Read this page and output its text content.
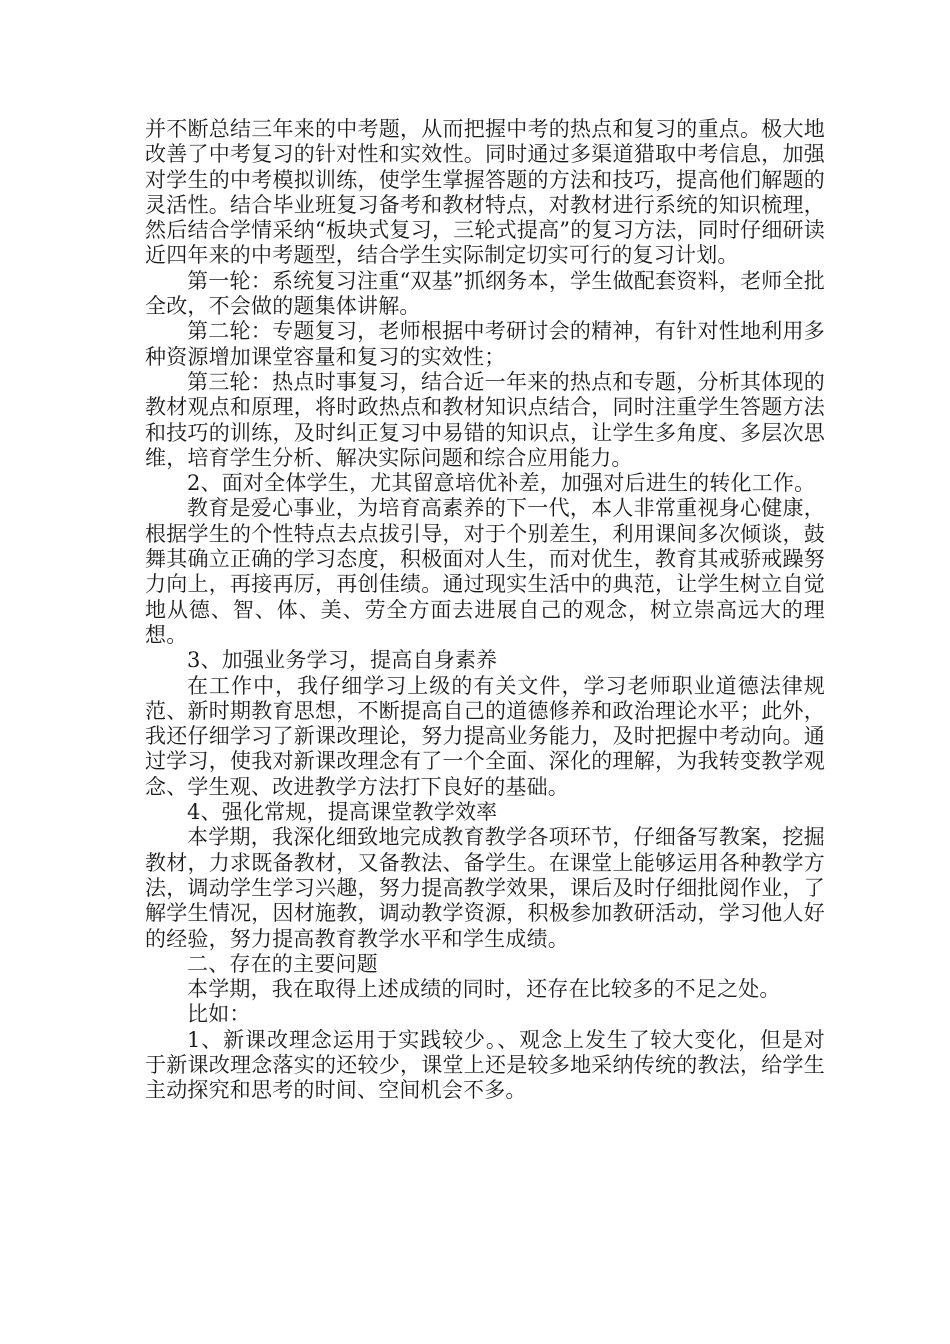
并不断总结三年来的中考题，从而把握中考的热点和复习的重点。极大地改善了中考复习的针对性和实效性。同时通过多渠道猎取中考信息，加强对学生的中考模拟训练，使学生掌握答题的方法和技巧，提高他们解题的灵活性。结合毕业班复习备考和教材特点，对教材进行系统的知识梳理，然后结合学情采纳“板块式复习，三轮式提高”的复习方法，同时仔细研读近四年来的中考题型，结合学生实际制定切实可行的复习计划。

第一轮：系统复习注重“双基”抓纲务本，学生做配套资料，老师全批全改，不会做的题集体讲解。

第二轮：专题复习，老师根据中考研讨会的精神，有针对性地利用多种资源增加课堂容量和复习的实效性；

第三轮：热点时事复习，结合近一年来的热点和专题，分析其体现的教材观点和原理，将时政热点和教材知识点结合，同时注重学生答题方法和技巧的训练，及时纠正复习中易错的知识点，让学生多角度、多层次思维，培育学生分析、解决实际问题和综合应用能力。

2、面对全体学生，尤其留意培优补差，加强对后进生的转化工作。

教育是爱心事业，为培育高素养的下一代，本人非常重视身心健康，根据学生的个性特点去点拔引导，对于个别差生，利用课间多次倾谈，鼓舞其确立正确的学习态度，积极面对人生，而对优生，教育其戒骄戒躁努力向上，再接再厉，再创佳绩。通过现实生活中的典范，让学生树立自觉地从德、智、体、美、劳全方面去进展自己的观念，树立崇高远大的理想。

3、加强业务学习，提高自身素养

在工作中，我仔细学习上级的有关文件，学习老师职业道德法律规范、新时期教育思想，不断提高自己的道德修养和政治理论水平；此外，我还仔细学习了新课改理论，努力提高业务能力，及时把握中考动向。通过学习，使我对新课改理念有了一个全面、深化的理解，为我转变教学观念、学生观、改进教学方法打下良好的基础。

4、强化常规，提高课堂教学效率

本学期，我深化细致地完成教育教学各项环节，仔细备写教案，挖掘教材，力求既备教材，又备教法、备学生。在课堂上能够运用各种教学方法，调动学生学习兴趣，努力提高教学效果，课后及时仔细批阅作业，了解学生情况，因材施教，调动教学资源，积极参加教研活动，学习他人好的经验，努力提高教育教学水平和学生成绩。

二、存在的主要问题

本学期，我在取得上述成绩的同时，还存在比较多的不足之处。

比如：

1、新课改理念运用于实践较少。、观念上发生了较大变化，但是对于新课改理念落实的还较少，课堂上还是较多地采纳传统的教法，给学生主动探究和思考的时间、空间机会不多。
